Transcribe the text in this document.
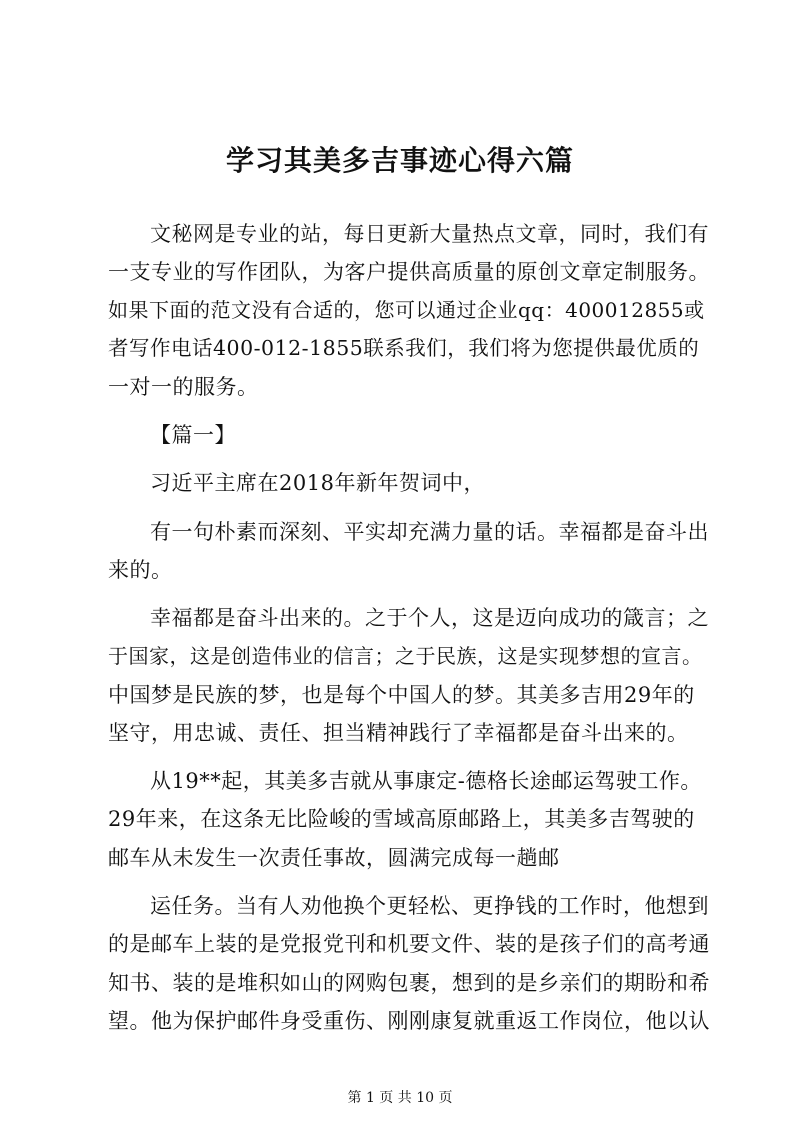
学习其美多吉事迹心得六篇
文秘网是专业的站，每日更新大量热点文章，同时，我们有
一支专业的写作团队，为客户提供高质量的原创文章定制服务。
如果下面的范文没有合适的，您可以通过企业qq：400012855或
者写作电话400-012-1855联系我们，我们将为您提供最优质的
一对一的服务。
【篇一】
习近平主席在2018年新年贺词中，
有一句朴素而深刻、平实却充满力量的话。幸福都是奋斗出
来的。
幸福都是奋斗出来的。之于个人，这是迈向成功的箴言；之
于国家，这是创造伟业的信言；之于民族，这是实现梦想的宣言。
中国梦是民族的梦，也是每个中国人的梦。其美多吉用29年的
坚守，用忠诚、责任、担当精神践行了幸福都是奋斗出来的。
从19**起，其美多吉就从事康定-德格长途邮运驾驶工作。
29年来，在这条无比险峻的雪域高原邮路上，其美多吉驾驶的
邮车从未发生一次责任事故，圆满完成每一趟邮
运任务。当有人劝他换个更轻松、更挣钱的工作时，他想到
的是邮车上装的是党报党刊和机要文件、装的是孩子们的高考通
知书、装的是堆积如山的网购包裹，想到的是乡亲们的期盼和希
望。他为保护邮件身受重伤、刚刚康复就重返工作岗位，他以认
第 1 页 共 10 页
